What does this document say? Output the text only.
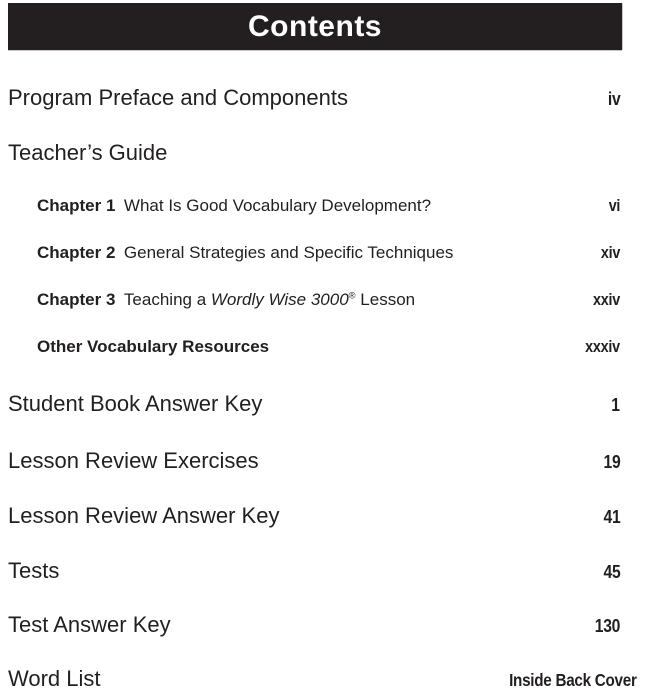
Contents
Program Preface and Components	iv
Teacher’s Guide
Chapter 1 What Is Good Vocabulary Development?	vi
Chapter 2 General Strategies and Specific Techniques	xiv
Chapter 3 Teaching a Wordly Wise 3000® Lesson	xxiv
Other Vocabulary Resources	xxxiv
Student Book Answer Key	1
Lesson Review Exercises	19
Lesson Review Answer Key	41
Tests	45
Test Answer Key	130
Word List	Inside Back Cover
